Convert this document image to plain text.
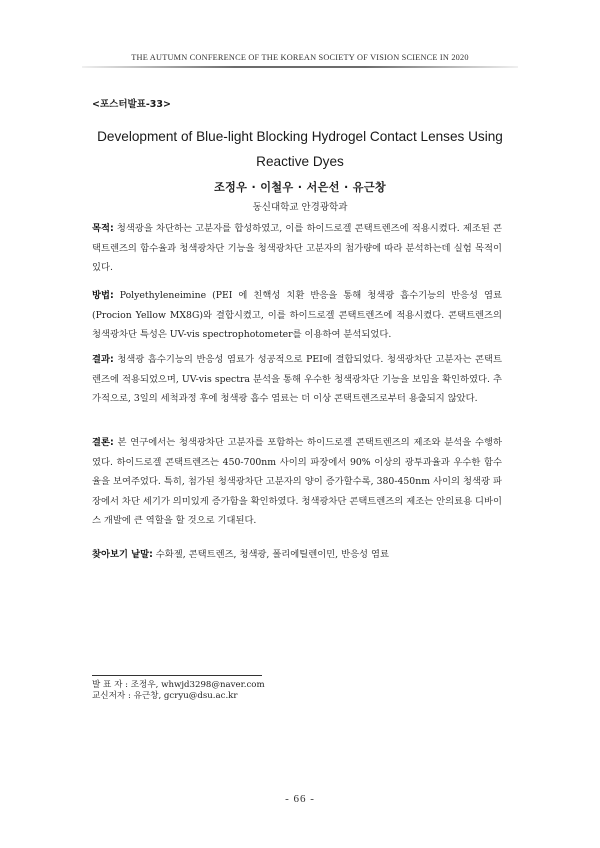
THE AUTUMN CONFERENCE OF THE KOREAN SOCIETY OF VISION SCIENCE IN 2020
<포스터발표-33>
Development of Blue-light Blocking Hydrogel Contact Lenses Using Reactive Dyes
조정우 · 이철우 · 서은선 · 유근창
동신대학교 안경광학과
목적: 청색광을 차단하는 고분자를 합성하였고, 이를 하이드로겔 콘택트렌즈에 적용시켰다. 제조된 콘택트렌즈의 함수율과 청색광차단 기능을 청색광차단 고분자의 첨가량에 따라 분석하는데 실험 목적이 있다.
방법: Polyethyleneimine (PEI 에 친핵성 치환 반응을 통해 청색광 흡수기능의 반응성 염료 (Procion Yellow MX8G)와 결합시켰고, 이를 하이드로겔 콘택트렌즈에 적용시켰다. 콘택트렌즈의 청색광차단 특성은 UV-vis spectrophotometer를 이용하여 분석되었다.
결과: 청색광 흡수기능의 반응성 염료가 성공적으로 PEI에 결합되었다. 청색광차단 고분자는 콘택트렌즈에 적용되었으며, UV-vis spectra 분석을 통해 우수한 청색광차단 기능을 보임을 확인하였다. 추가적으로, 3일의 세척과정 후에 청색광 흡수 염료는 더 이상 콘택트렌즈로부터 용출되지 않았다.
결론: 본 연구에서는 청색광차단 고분자를 포함하는 하이드로겔 콘택트렌즈의 제조와 분석을 수행하였다. 하이드로겔 콘택트렌즈는 450-700nm 사이의 파장에서 90% 이상의 광투과율과 우수한 함수율을 보여주었다. 특히, 첨가된 청색광차단 고분자의 양이 증가할수록, 380-450nm 사이의 청색광 파장에서 차단 세기가 의미있게 증가함을 확인하였다. 청색광차단 콘택트렌즈의 제조는 안의료용 디바이스 개발에 큰 역할을 할 것으로 기대된다.
찾아보기 낱말: 수화젤, 콘택트렌즈, 청색광, 폴리에틸렌이민, 반응성 염료
발 표 자 : 조정우, whwjd3298@naver.com
교신저자 : 유근창, gcryu@dsu.ac.kr
- 66 -
